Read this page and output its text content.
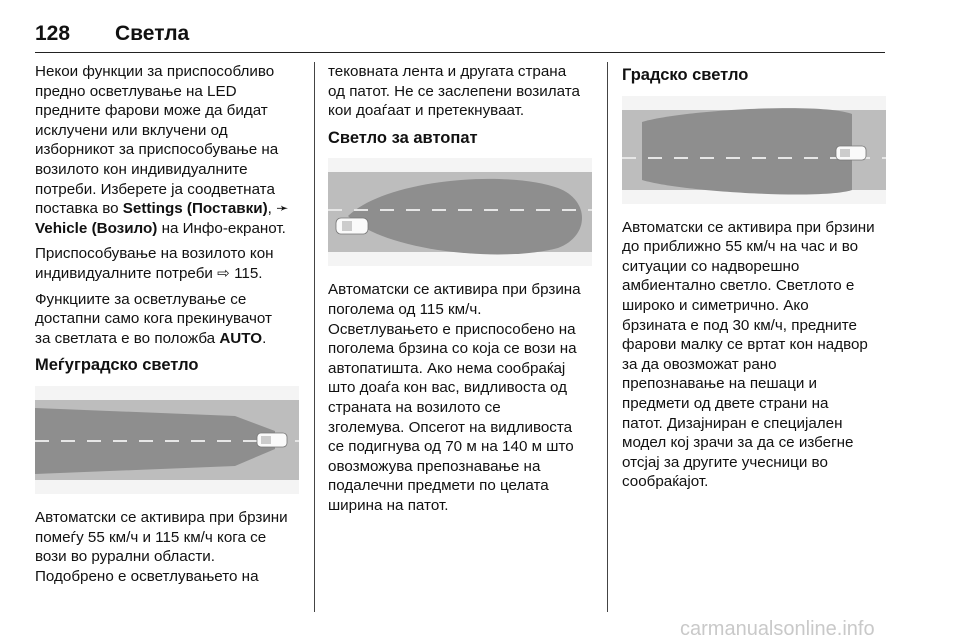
128 Светла

Некои функции за приспособливо
предно осветлување на LED
предните фарови може да бидат
исклучени или вклучени од
изборникот за приспособување на
возилото кон индивидуалните
потреби. Изберете ја соодветната
поставка во Settings (Поставки), ➛
Vehicle (Возило) на Инфо-екранот.

Приспособување на возилото кон
индивидуалните потреби ⇨ 115.

Функциите за осветлување се
достапни само кога прекинувачот
за светлата е во положба AUTO.

Меѓуградско светло

Автоматски се активира при брзини
помеѓу 55 км/ч и 115 км/ч кога се
вози во рурални области.
Подобрено е осветлувањето на

тековната лента и другата страна
од патот. Не се заслепени возилата
кои доаѓаат и претекнуваат.

Светло за автопат

Автоматски се активира при брзина
поголема од 115 км/ч.
Осветлувањето е приспособено на
поголема брзина со која се вози на
автопатишта. Ако нема сообраќај
што доаѓа кон вас, видливоста од
страната на возилото се
зголемува. Опсегот на видливоста
се подигнува од 70 м на 140 м што
овозможува препознавање на
подалечни предмети по целата
ширина на патот.

Градско светло

Автоматски се активира при брзини
до приближно 55 км/ч на час и во
ситуации со надворешно
амбиентално светло. Светлото е
широко и симетрично. Ако
брзината е под 30 км/ч, предните
фарови малку се вртат кон надвор
за да овозможат рано
препознавање на пешаци и
предмети од двете страни на
патот. Дизајниран е специјален
модел кој зрачи за да се избегне
отсјај за другите учесници во
сообраќајот.

carmanualsonline.info
